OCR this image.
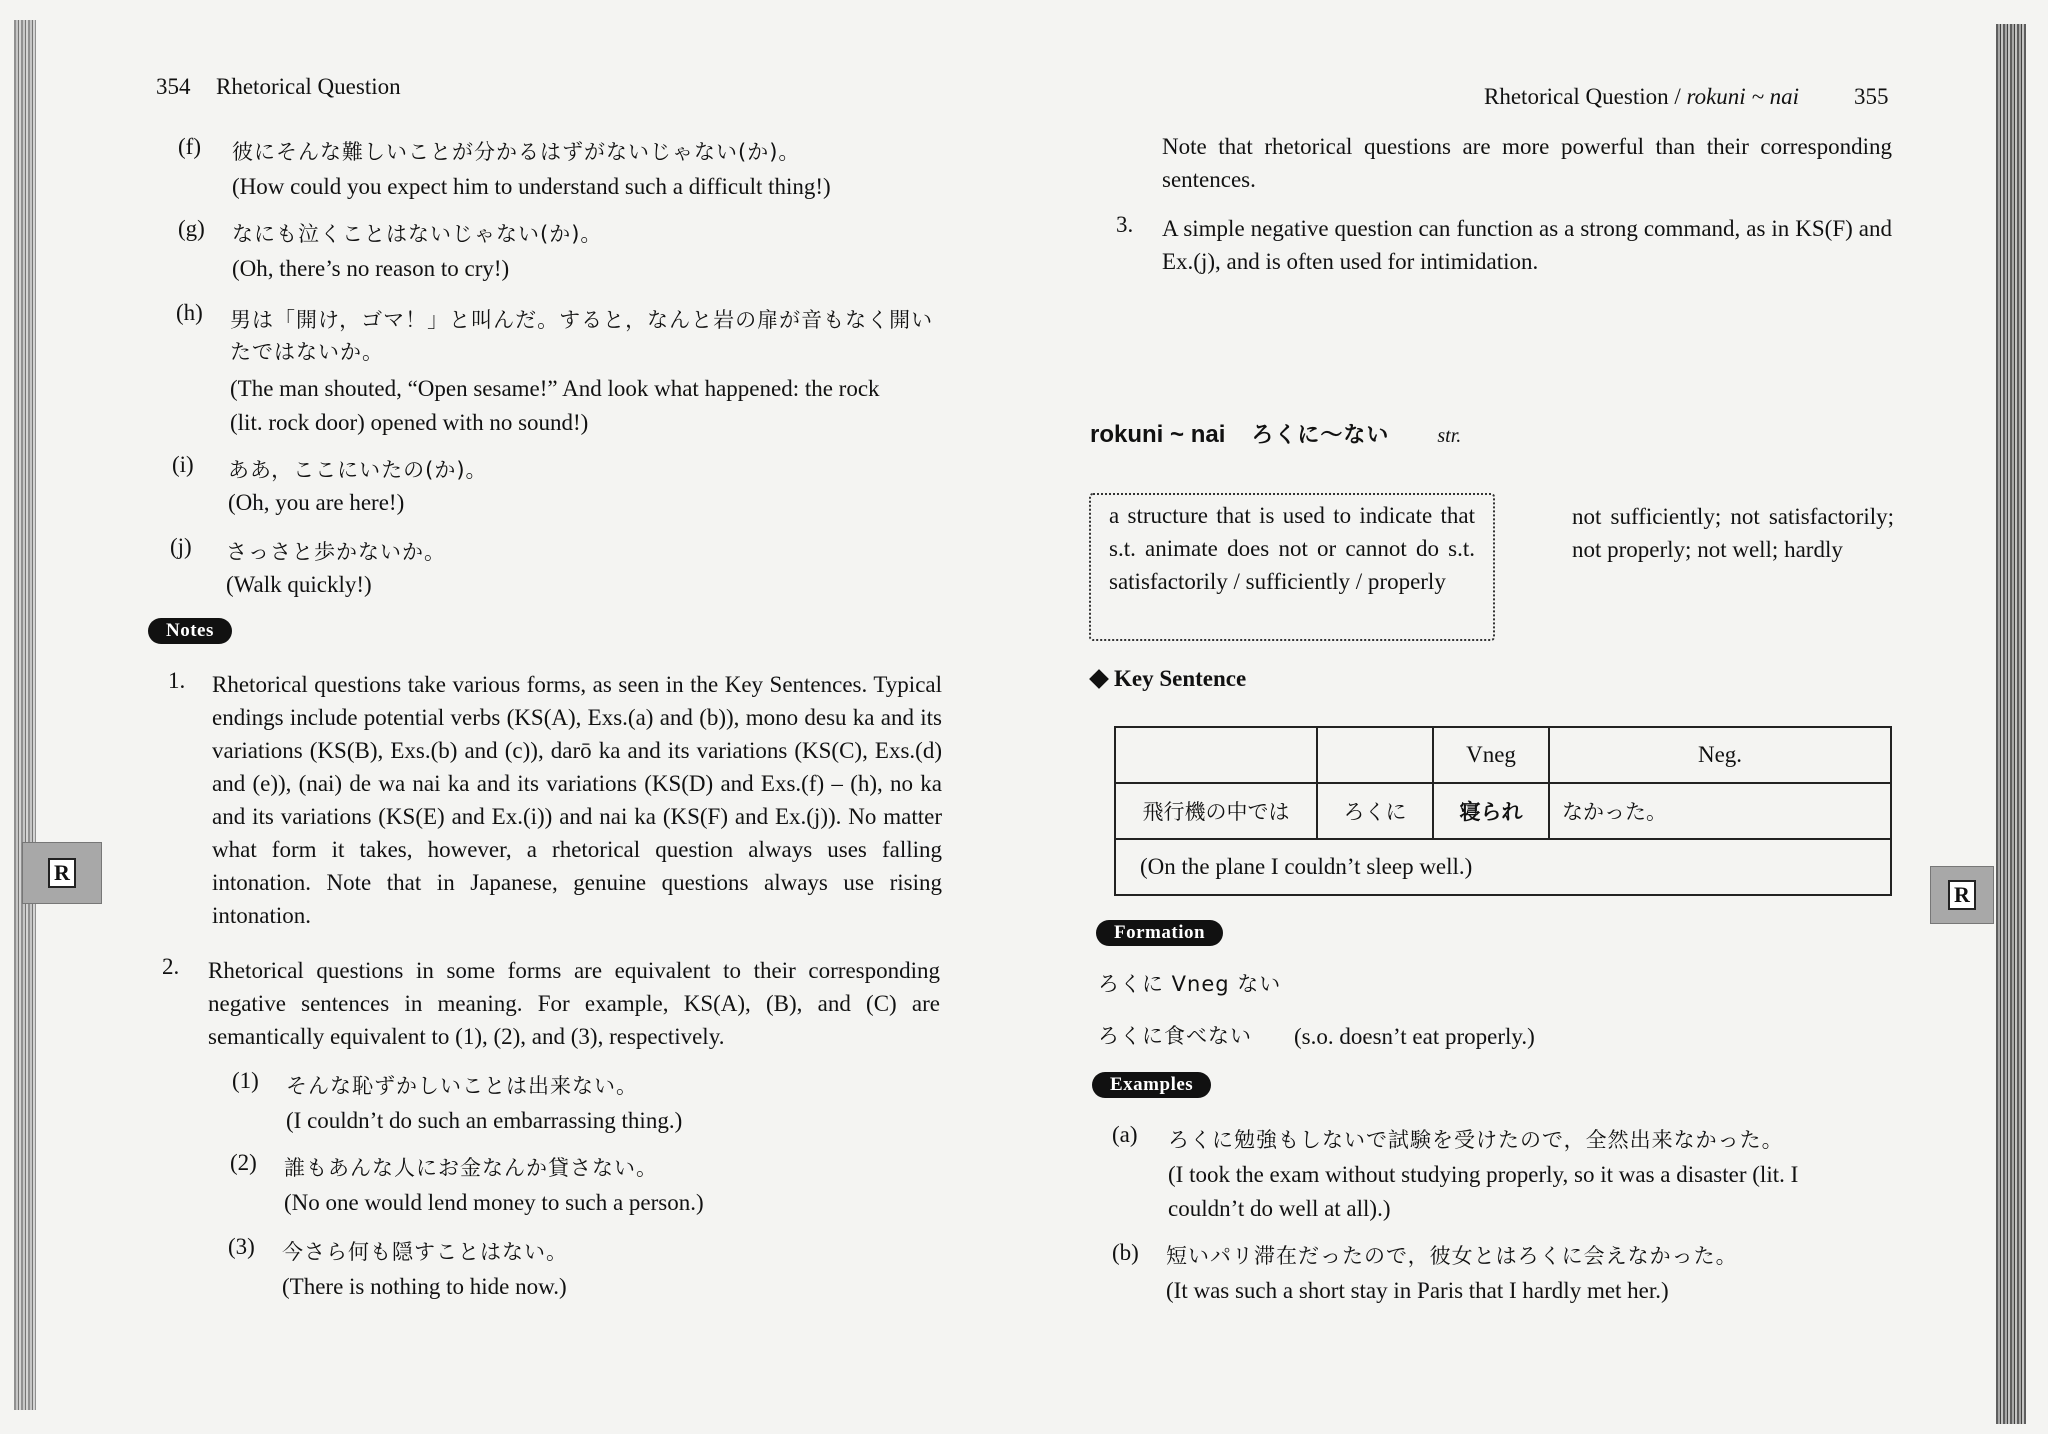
R
R
354 Rhetorical Question
(f) 彼にそんな難しいことが分かるはずがないじゃない(か)。
(How could you expect him to understand such a difficult thing!)
(g) なにも泣くことはないじゃない(か)。
(Oh, there’s no reason to cry!)
(h) 男は「開け，ゴマ！」と叫んだ。すると，なんと岩の扉が音もなく開い
たではないか。
(The man shouted, “Open sesame!” And look what happened: the rock
(lit. rock door) opened with no sound!)
(i) ああ，ここにいたの(か)。
(Oh, you are here!)
(j) さっさと歩かないか。
(Walk quickly!)
Notes
1. Rhetorical questions take various forms, as seen in the Key Sentences. Typical endings include potential verbs (KS(A), Exs.(a) and (b)), mono desu ka and its variations (KS(B), Exs.(b) and (c)), darō ka and its variations (KS(C), Exs.(d) and (e)), (nai) de wa nai ka and its variations (KS(D) and Exs.(f) – (h), no ka and its variations (KS(E) and Ex.(i)) and nai ka (KS(F) and Ex.(j)). No matter what form it takes, however, a rhetorical question always uses falling intonation. Note that in Japanese, genuine questions always use rising intonation.
2. Rhetorical questions in some forms are equivalent to their corresponding negative sentences in meaning. For example, KS(A), (B), and (C) are semantically equivalent to (1), (2), and (3), respectively.
(1) そんな恥ずかしいことは出来ない。
(I couldn’t do such an embarrassing thing.)
(2) 誰もあんな人にお金なんか貸さない。
(No one would lend money to such a person.)
(3) 今さら何も隠すことはない。
(There is nothing to hide now.)
Rhetorical Question / rokuni ~ nai 355
Note that rhetorical questions are more powerful than their corresponding sentences.
3. A simple negative question can function as a strong command, as in KS(F) and Ex.(j), and is often used for intimidation.
rokuni ~ nai ろくに〜ない str.
a structure that is used to indicate that s.t. animate does not or cannot do s.t. satisfactorily / sufficiently / properly
not sufficiently; not satisfactorily; not properly; not well; hardly
Key Sentence
		Vneg	Neg.
飛行機の中では	ろくに	寝られ	なかった。
(On the plane I couldn’t sleep well.)			
Formation
ろくに Vneg ない
ろくに食べない (s.o. doesn’t eat properly.)
Examples
(a) ろくに勉強もしないで試験を受けたので，全然出来なかった。
(I took the exam without studying properly, so it was a disaster (lit. I
couldn’t do well at all).)
(b) 短いパリ滞在だったので，彼女とはろくに会えなかった。
(It was such a short stay in Paris that I hardly met her.)
